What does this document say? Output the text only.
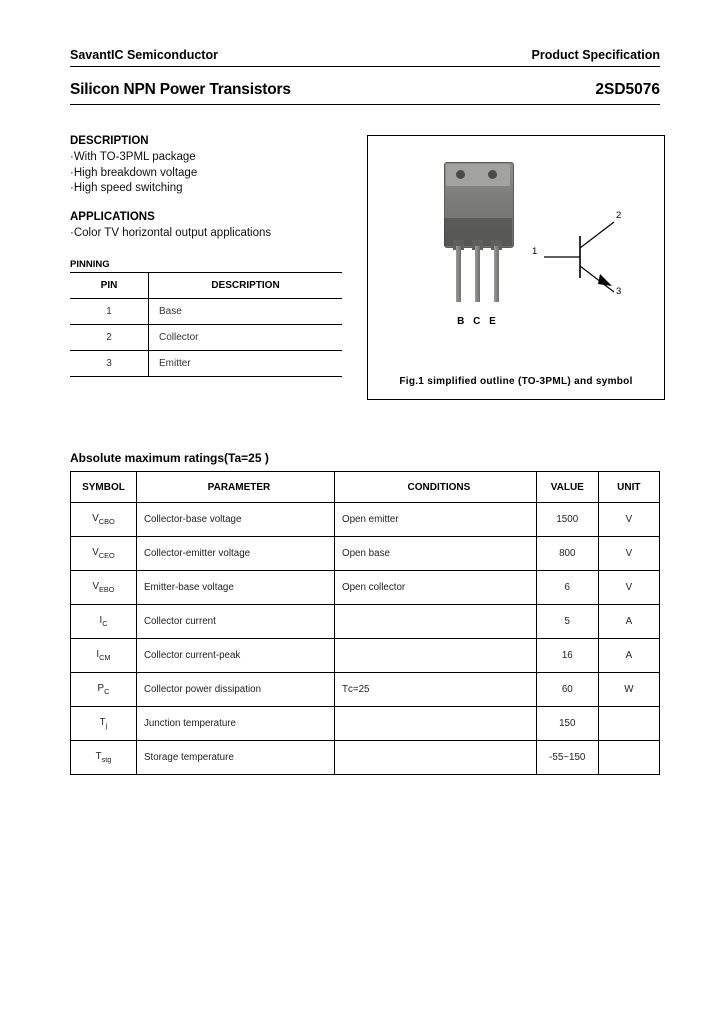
SavantIC Semiconductor	Product Specification
Silicon NPN Power Transistors	2SD5076
DESCRIPTION
·With TO-3PML package
·High breakdown voltage
·High speed switching
APPLICATIONS
·Color TV horizontal output applications
PINNING
PIN	DESCRIPTION
1	Base
2	Collector
3	Emitter
B C E
1
2
3
Fig.1 simplified outline (TO-3PML) and symbol
Absolute maximum ratings(Ta=25 )
SYMBOL	PARAMETER	CONDITIONS	VALUE	UNIT
$V_{CBO}$	Collector-base voltage	Open emitter	1500	V
$V_{CEO}$	Collector-emitter voltage	Open base	800	V
$V_{EBO}$	Emitter-base voltage	Open collector	6	V
$I_C$	Collector current		5	A
$I_{CM}$	Collector current-peak		16	A
$P_C$	Collector power dissipation	Tс=25	60	W
$T_j$	Junction temperature		150	
$T_{stg}$	Storage temperature		-55~150	
